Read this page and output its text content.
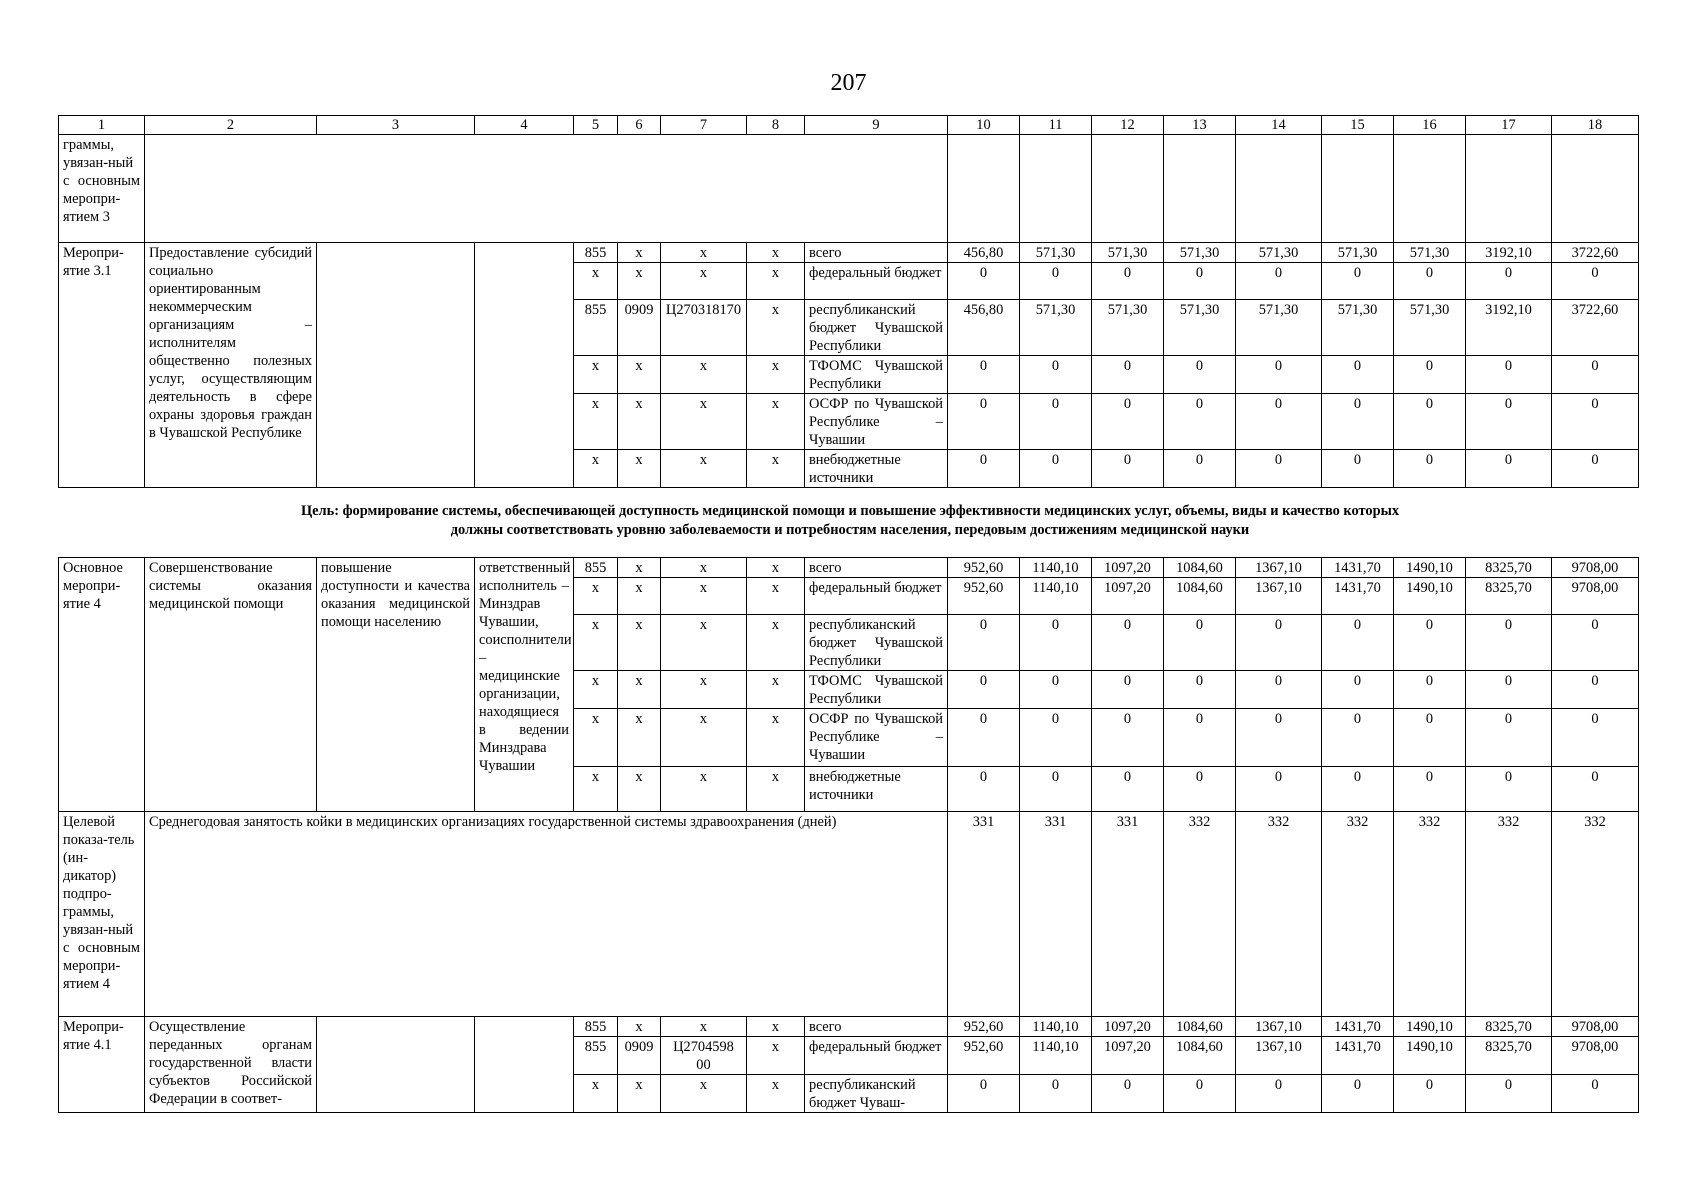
207
1	2	3	4	5	6	7	8	9	10	11	12	13	14	15	16	17	18
граммы, увязан-ный с основным меропри-ятием 3																	
Меропри-ятие 3.1	Предоставление субсидий социально ориентированным некоммерческим организациям – исполнителям общественно полезных услуг, осуществляющим деятельность в сфере охраны здоровья граждан в Чувашской Республике			855	x	x	x	всего	456,80	571,30	571,30	571,30	571,30	571,30	571,30	3192,10	3722,60
				x	x	x	x	федеральный бюджет	0	0	0	0	0	0	0	0	0
				855	0909	Ц270318170	x	республиканский бюджет Чувашской Республики	456,80	571,30	571,30	571,30	571,30	571,30	571,30	3192,10	3722,60
				x	x	x	x	ТФОМС Чувашской Республики	0	0	0	0	0	0	0	0	0
				x	x	x	x	ОСФР по Чувашской Республике – Чувашии	0	0	0	0	0	0	0	0	0
				x	x	x	x	внебюджетные источники	0	0	0	0	0	0	0	0	0
Цель: формирование системы, обеспечивающей доступность медицинской помощи и повышение эффективности медицинских услуг, объемы, виды и качество которых
должны соответствовать уровню заболеваемости и потребностям населения, передовым достижениям медицинской науки
Основное меропри-ятие 4	Совершенствование системы оказания медицинской помощи	повышение доступности и качества оказания медицинской помощи населению	ответственный исполнитель – Минздрав Чувашии, соисполнители – медицинские организации, находящиеся в ведении Минздрава Чувашии	855	x	x	x	всего	952,60	1140,10	1097,20	1084,60	1367,10	1431,70	1490,10	8325,70	9708,00
				x	x	x	x	федеральный бюджет	952,60	1140,10	1097,20	1084,60	1367,10	1431,70	1490,10	8325,70	9708,00
				x	x	x	x	республиканский бюджет Чувашской Республики	0	0	0	0	0	0	0	0	0
				x	x	x	x	ТФОМС Чувашской Республики	0	0	0	0	0	0	0	0	0
				x	x	x	x	ОСФР по Чувашской Республике – Чувашии	0	0	0	0	0	0	0	0	0
				x	x	x	x	внебюджетные источники	0	0	0	0	0	0	0	0	0
Целевой показа-тель (ин-дикатор) подпро-граммы, увязан-ный с основным меропри-ятием 4	Среднегодовая занятость койки в медицинских организациях государственной системы здравоохранения (дней)								331	331	331	332	332	332	332	332	332
Меропри-ятие 4.1	Осуществление переданных органам государственной власти субъектов Российской Федерации в соответ-			855	x	x	x	всего	952,60	1140,10	1097,20	1084,60	1367,10	1431,70	1490,10	8325,70	9708,00
				855	0909	Ц2704598 00	x	федеральный бюджет	952,60	1140,10	1097,20	1084,60	1367,10	1431,70	1490,10	8325,70	9708,00
				x	x	x	x	республиканский бюджет Чуваш-	0	0	0	0	0	0	0	0	0
